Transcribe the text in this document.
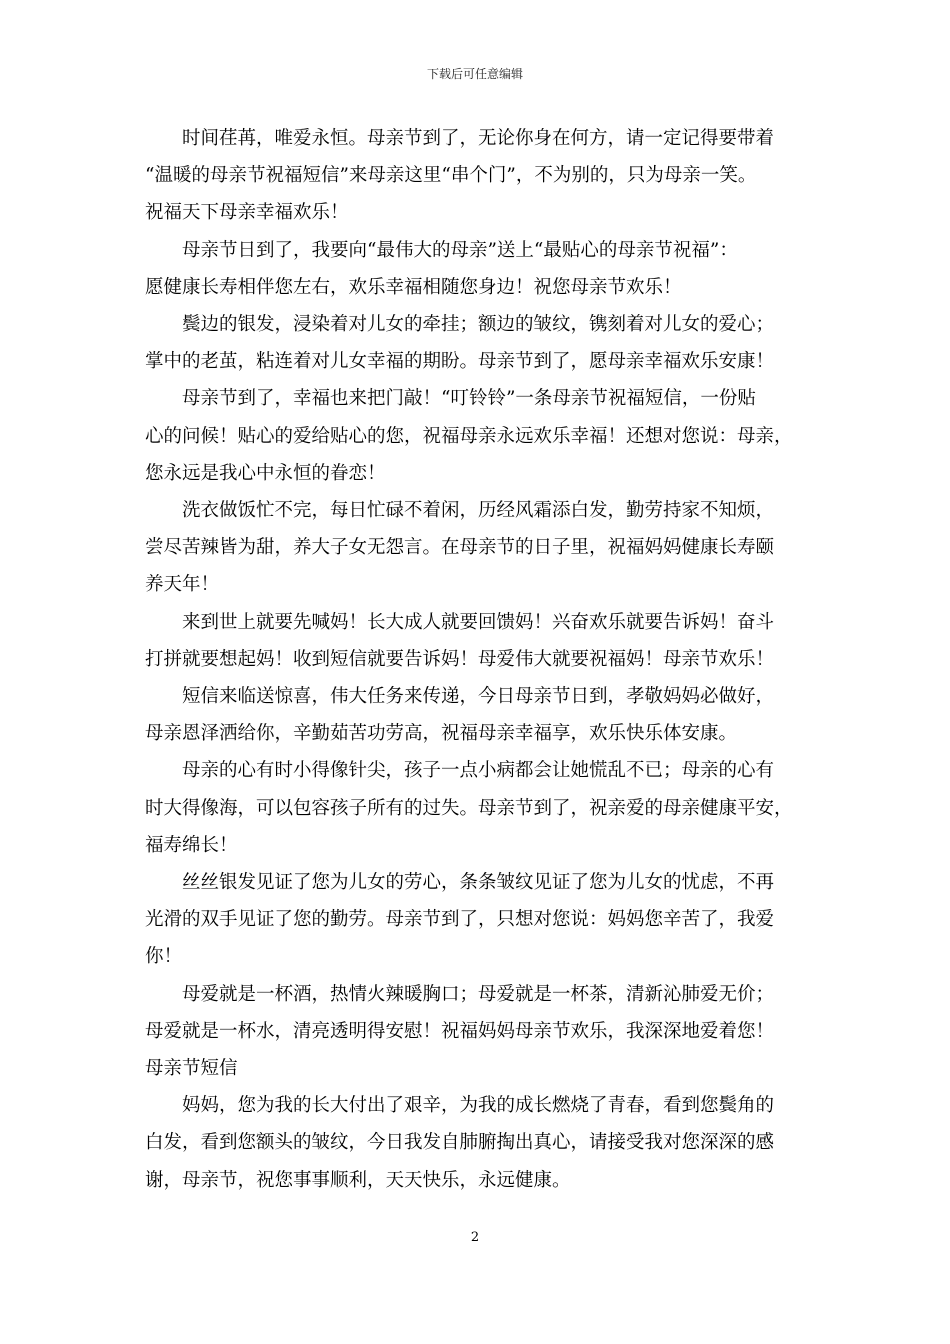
下载后可任意编辑
时间荏苒，唯爱永恒。母亲节到了，无论你身在何方，请一定记得要带着
“温暖的母亲节祝福短信”来母亲这里“串个门”，不为别的，只为母亲一笑。
祝福天下母亲幸福欢乐！
母亲节日到了，我要向“最伟大的母亲”送上“最贴心的母亲节祝福”：
愿健康长寿相伴您左右，欢乐幸福相随您身边！祝您母亲节欢乐！
鬓边的银发，浸染着对儿女的牵挂；额边的皱纹，镌刻着对儿女的爱心；
掌中的老茧，粘连着对儿女幸福的期盼。母亲节到了，愿母亲幸福欢乐安康！
母亲节到了，幸福也来把门敲！“叮铃铃”一条母亲节祝福短信，一份贴
心的问候！贴心的爱给贴心的您，祝福母亲永远欢乐幸福！还想对您说：母亲，
您永远是我心中永恒的眷恋！
洗衣做饭忙不完，每日忙碌不着闲，历经风霜添白发，勤劳持家不知烦，
尝尽苦辣皆为甜，养大子女无怨言。在母亲节的日子里，祝福妈妈健康长寿颐
养天年！
来到世上就要先喊妈！长大成人就要回馈妈！兴奋欢乐就要告诉妈！奋斗
打拼就要想起妈！收到短信就要告诉妈！母爱伟大就要祝福妈！母亲节欢乐！
短信来临送惊喜，伟大任务来传递，今日母亲节日到，孝敬妈妈必做好，
母亲恩泽洒给你，辛勤茹苦功劳高，祝福母亲幸福享，欢乐快乐体安康。
母亲的心有时小得像针尖，孩子一点小病都会让她慌乱不已；母亲的心有
时大得像海，可以包容孩子所有的过失。母亲节到了，祝亲爱的母亲健康平安，
福寿绵长！
丝丝银发见证了您为儿女的劳心，条条皱纹见证了您为儿女的忧虑，不再
光滑的双手见证了您的勤劳。母亲节到了，只想对您说：妈妈您辛苦了，我爱
你！
母爱就是一杯酒，热情火辣暖胸口；母爱就是一杯茶，清新沁肺爱无价；
母爱就是一杯水，清亮透明得安慰！祝福妈妈母亲节欢乐，我深深地爱着您！
母亲节短信
妈妈，您为我的长大付出了艰辛，为我的成长燃烧了青春，看到您鬓角的
白发，看到您额头的皱纹，今日我发自肺腑掏出真心，请接受我对您深深的感
谢，母亲节，祝您事事顺利，天天快乐，永远健康。
2
